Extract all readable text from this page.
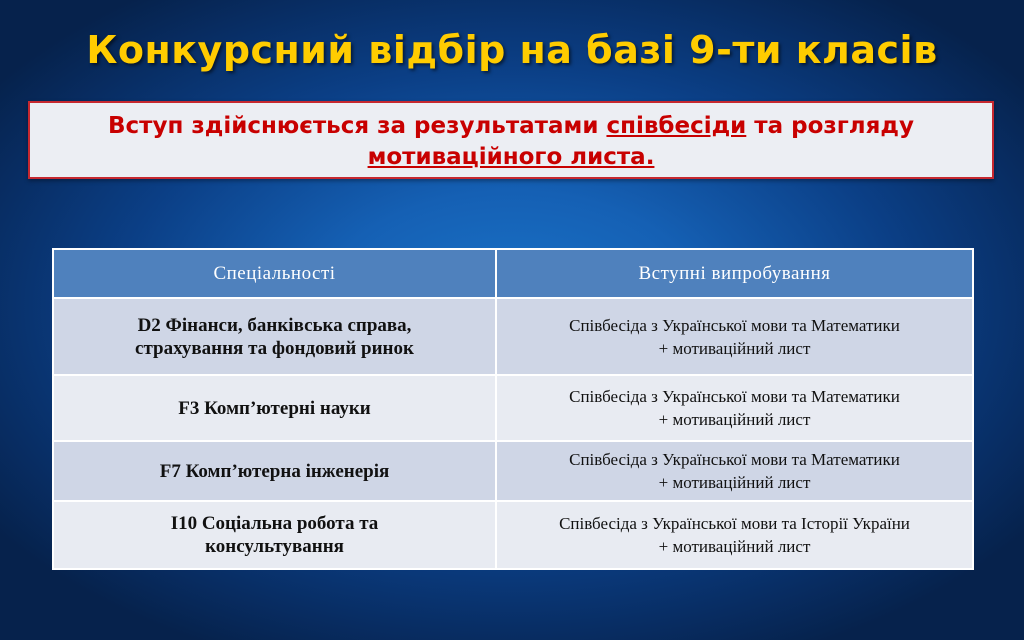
Конкурсний відбір на базі 9-ти класів
Вступ здійснюється за результатами співбесіди та розгляду
мотиваційного листа.
Спеціальності	Вступні випробування
D2 Фінанси, банківська справа,
страхування та фондовий ринок	Співбесіда з Української мови та Математики
+ мотиваційний лист
F3 Комп’ютерні науки	Співбесіда з Української мови та Математики
+ мотиваційний лист
F7 Комп’ютерна інженерія	Співбесіда з Української мови та Математики
+ мотиваційний лист
І10 Соціальна робота та
консультування	Співбесіда з Української мови та Історії України
+ мотиваційний лист
